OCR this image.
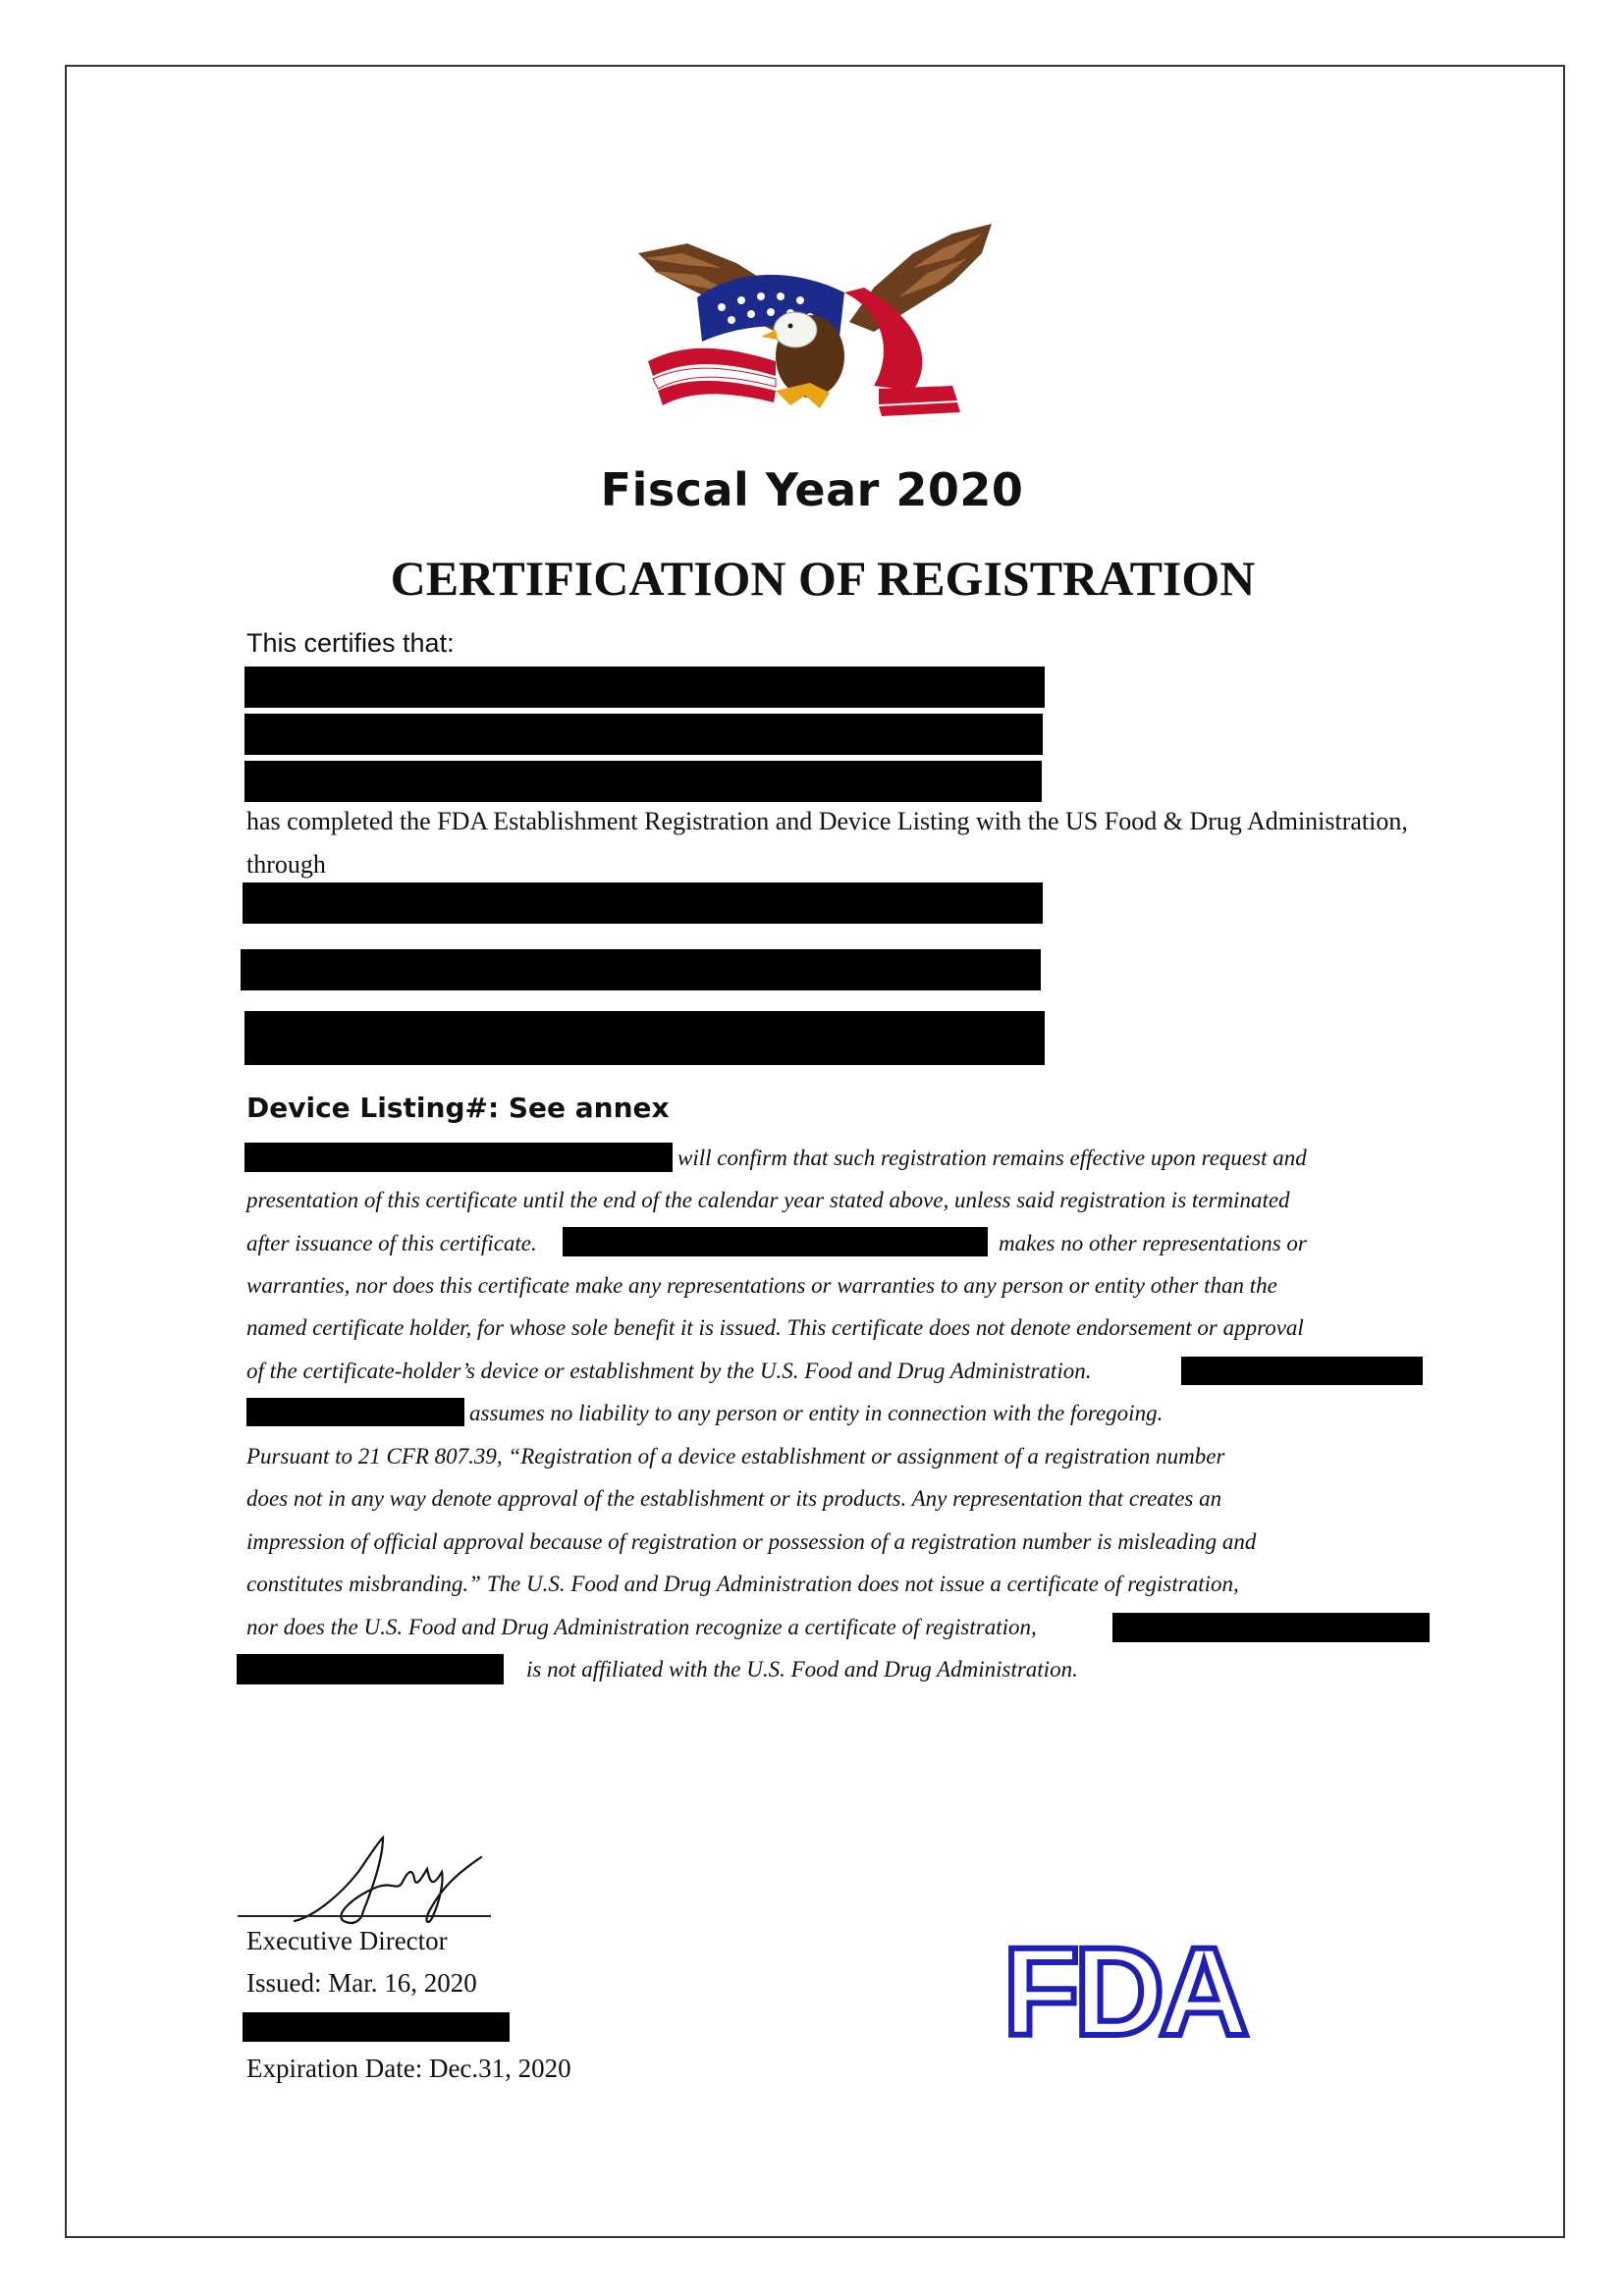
Fiscal Year 2020
CERTIFICATION OF REGISTRATION
This certifies that:
has completed the FDA Establishment Registration and Device Listing with the US Food & Drug Administration, through
Device Listing#: See annex
will confirm that such registration remains effective upon request and
presentation of this certificate until the end of the calendar year stated above, unless said registration is terminated
after issuance of this certificate.	makes no other representations or
warranties, nor does this certificate make any representations or warranties to any person or entity other than the
named certificate holder, for whose sole benefit it is issued. This certificate does not denote endorsement or approval
of the certificate-holder’s device or establishment by the U.S. Food and Drug Administration.
assumes no liability to any person or entity in connection with the foregoing.
Pursuant to 21 CFR 807.39, “Registration of a device establishment or assignment of a registration number
does not in any way denote approval of the establishment or its products. Any representation that creates an
impression of official approval because of registration or possession of a registration number is misleading and
constitutes misbranding.” The U.S. Food and Drug Administration does not issue a certificate of registration,
nor does the U.S. Food and Drug Administration recognize a certificate of registration,
is not affiliated with the U.S. Food and Drug Administration.
Executive Director
Issued: Mar. 16, 2020
Expiration Date: Dec.31, 2020
FDA
